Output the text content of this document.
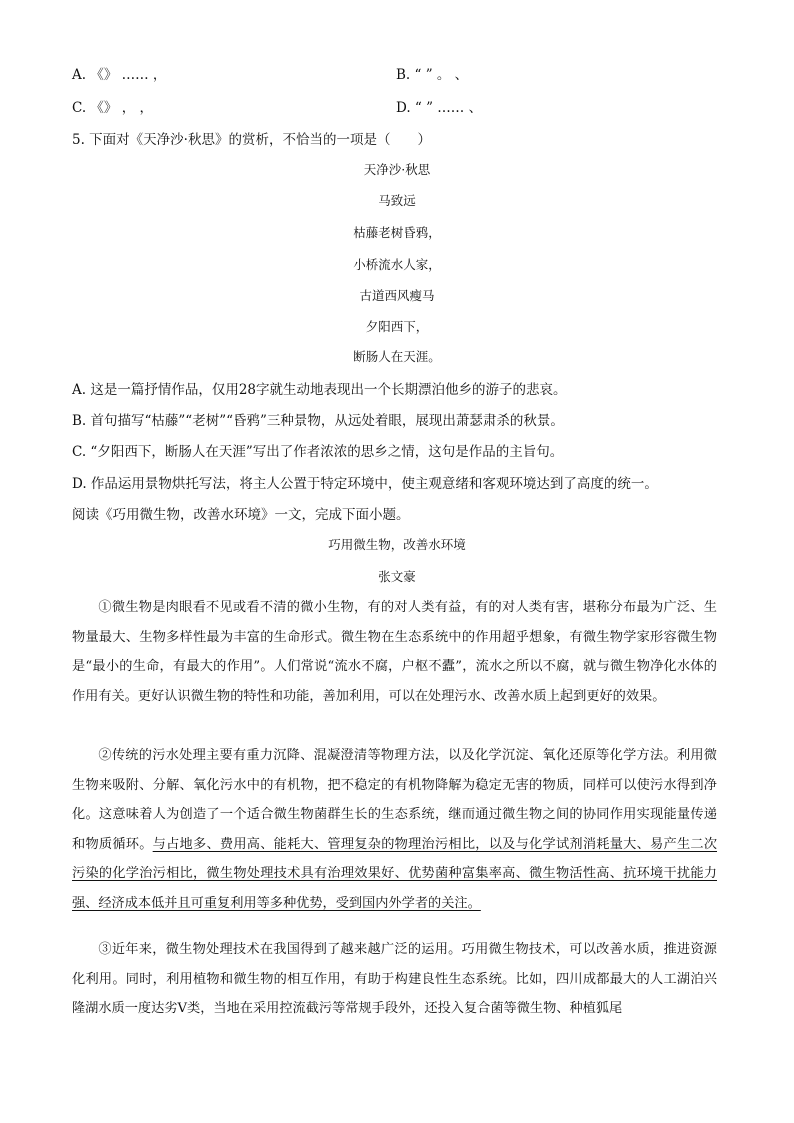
A. 《》 …… ，	B. “ ” 。 、
C. 《》 ， ，	D. “ ” …… 、
5. 下面对《天净沙·秋思》的赏析，不恰当的一项是（　　）
天净沙·秋思
马致远
枯藤老树昏鸦，
小桥流水人家，
古道西风瘦马
夕阳西下，
断肠人在天涯。
A. 这是一篇抒情作品，仅用28字就生动地表现出一个长期漂泊他乡的游子的悲哀。
B. 首句描写“枯藤”“老树”“昏鸦”三种景物，从远处着眼，展现出萧瑟肃杀的秋景。
C. “夕阳西下，断肠人在天涯”写出了作者浓浓的思乡之情，这句是作品的主旨句。
D. 作品运用景物烘托写法，将主人公置于特定环境中，使主观意绪和客观环境达到了高度的统一。
阅读《巧用微生物，改善水环境》一文，完成下面小题。
巧用微生物，改善水环境
张文豪

①微生物是肉眼看不见或看不清的微小生物，有的对人类有益，有的对人类有害，堪称分布最为广泛、生物量最大、生物多样性最为丰富的生命形式。微生物在生态系统中的作用超乎想象，有微生物学家形容微生物是“最小的生命，有最大的作用”。人们常说“流水不腐，户枢不蠹”，流水之所以不腐，就与微生物净化水体的作用有关。更好认识微生物的特性和功能，善加利用，可以在处理污水、改善水质上起到更好的效果。

②传统的污水处理主要有重力沉降、混凝澄清等物理方法，以及化学沉淀、氧化还原等化学方法。利用微生物来吸附、分解、氧化污水中的有机物，把不稳定的有机物降解为稳定无害的物质，同样可以使污水得到净化。这意味着人为创造了一个适合微生物菌群生长的生态系统，继而通过微生物之间的协同作用实现能量传递和物质循环。与占地多、费用高、能耗大、管理复杂的物理治污相比，以及与化学试剂消耗量大、易产生二次污染的化学治污相比，微生物处理技术具有治理效果好、优势菌种富集率高、微生物活性高、抗环境干扰能力强、经济成本低并且可重复利用等多种优势，受到国内外学者的关注。

③近年来，微生物处理技术在我国得到了越来越广泛的运用。巧用微生物技术，可以改善水质，推进资源化利用。同时，利用植物和微生物的相互作用，有助于构建良性生态系统。比如，四川成都最大的人工湖泊兴隆湖水质一度达劣Ⅴ类，当地在采用控流截污等常规手段外，还投入复合菌等微生物、种植狐尾
